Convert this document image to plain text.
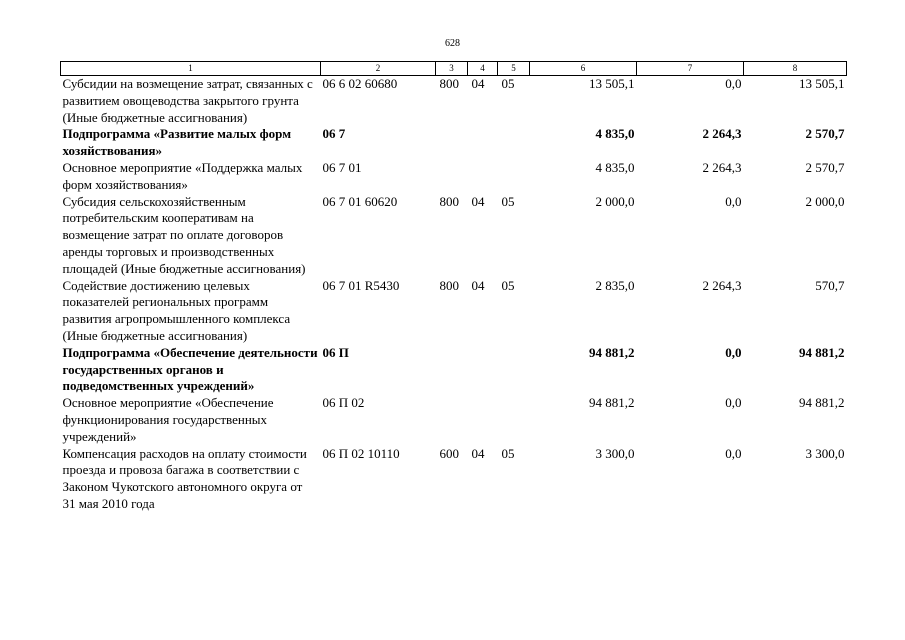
628
1	2	3	4	5	6	7	8
Субсидии на возмещение затрат, связанных с развитием овощеводства закрытого грунта (Иные бюджетные ассигнования)	06 6 02 60680	800	04	05	13 505,1	0,0	13 505,1
Подпрограмма «Развитие малых форм хозяйствования»	06 7				4 835,0	2 264,3	2 570,7
Основное мероприятие «Поддержка малых форм хозяйствования»	06 7 01				4 835,0	2 264,3	2 570,7
Субсидия сельскохозяйственным потребительским кооперативам на возмещение затрат по оплате договоров аренды торговых и производственных площадей (Иные бюджетные ассигнования)	06 7 01 60620	800	04	05	2 000,0	0,0	2 000,0
Содействие достижению целевых показателей региональных программ развития агропромышленного комплекса (Иные бюджетные ассигнования)	06 7 01 R5430	800	04	05	2 835,0	2 264,3	570,7
Подпрограмма «Обеспечение деятельности государственных органов и подведомственных учреждений»	06 П				94 881,2	0,0	94 881,2
Основное мероприятие «Обеспечение функционирования государственных учреждений»	06 П 02				94 881,2	0,0	94 881,2
Компенсация расходов на оплату стоимости проезда и провоза багажа в соответствии с Законом Чукотского автономного округа от 31 мая 2010 года	06 П 02 10110	600	04	05	3 300,0	0,0	3 300,0
